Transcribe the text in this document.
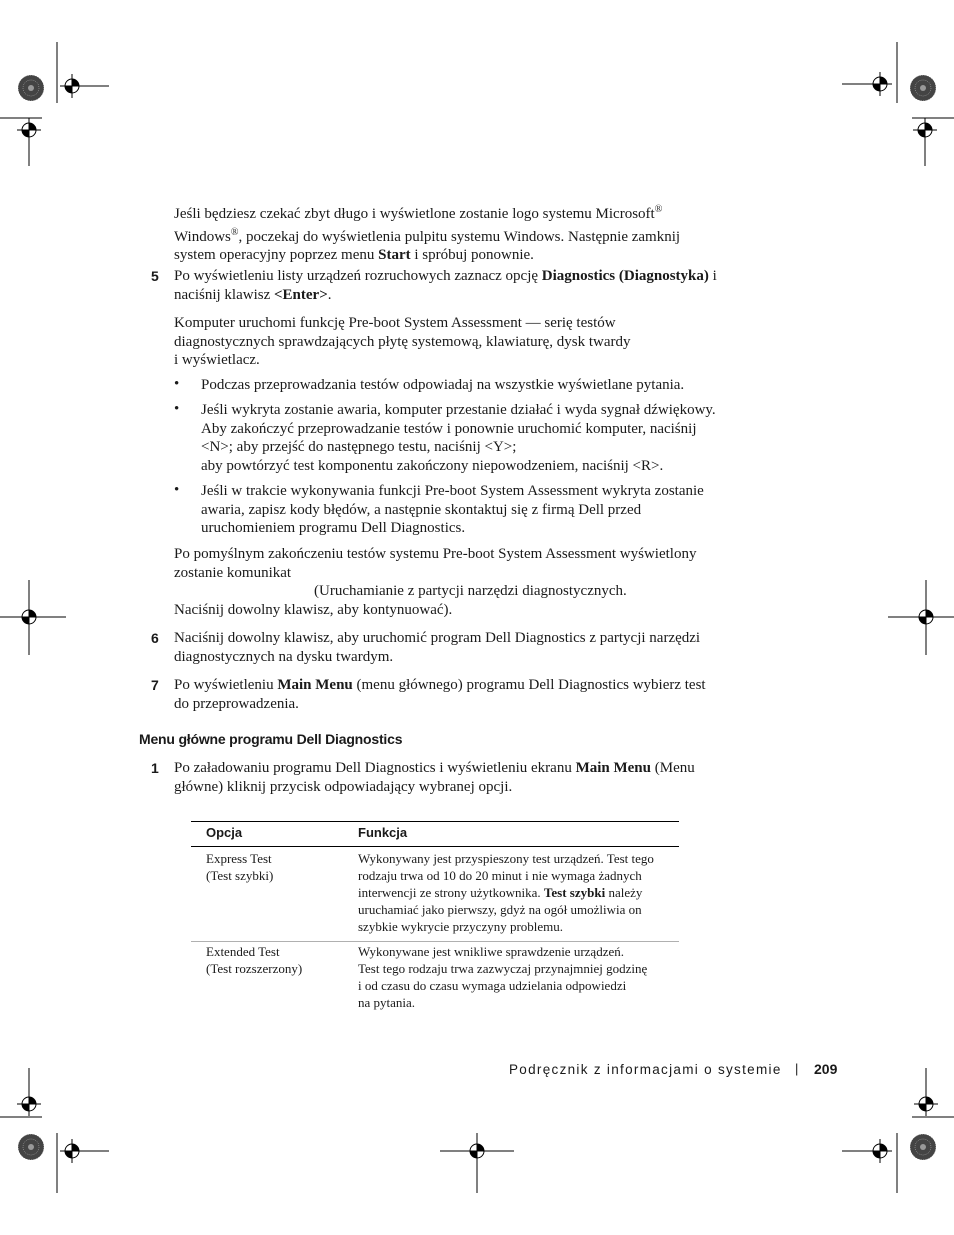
Jeśli będziesz czekać zbyt długo i wyświetlone zostanie logo systemu Microsoft®

Windows®, poczekaj do wyświetlenia pulpitu systemu Windows. Następnie zamknij

system operacyjny poprzez menu Start i spróbuj ponownie.

5 Po wyświetleniu listy urządzeń rozruchowych zaznacz opcję Diagnostics (Diagnostyka) i

naciśnij klawisz <Enter>.

Komputer uruchomi funkcję Pre-boot System Assessment — serię testów

diagnostycznych sprawdzających płytę systemową, klawiaturę, dysk twardy

i wyświetlacz.

• Podczas przeprowadzania testów odpowiadaj na wszystkie wyświetlane pytania.

• Jeśli wykryta zostanie awaria, komputer przestanie działać i wyda sygnał dźwiękowy.

Aby zakończyć przeprowadzanie testów i ponownie uruchomić komputer, naciśnij

<N>; aby przejść do następnego testu, naciśnij <Y>;

aby powtórzyć test komponentu zakończony niepowodzeniem, naciśnij <R>.

• Jeśli w trakcie wykonywania funkcji Pre-boot System Assessment wykryta zostanie

awaria, zapisz kody błędów, a następnie skontaktuj się z firmą Dell przed

uruchomieniem programu Dell Diagnostics.

Po pomyślnym zakończeniu testów systemu Pre-boot System Assessment wyświetlony

zostanie komunikat

(Uruchamianie z partycji narzędzi diagnostycznych.

Naciśnij dowolny klawisz, aby kontynuować).

6 Naciśnij dowolny klawisz, aby uruchomić program Dell Diagnostics z partycji narzędzi

diagnostycznych na dysku twardym.

7 Po wyświetleniu Main Menu (menu głównego) programu Dell Diagnostics wybierz test

do przeprowadzenia.

Menu główne programu Dell Diagnostics
1 Po załadowaniu programu Dell Diagnostics i wyświetleniu ekranu Main Menu (Menu

główne) kliknij przycisk odpowiadający wybranej opcji.

Opcja	Funkcja

Express Test

(Test szybki)

Wykonywany jest przyspieszony test urządzeń. Test tego

rodzaju trwa od 10 do 20 minut i nie wymaga żadnych

interwencji ze strony użytkownika. Test szybki należy

uruchamiać jako pierwszy, gdyż na ogół umożliwia on

szybkie wykrycie przyczyny problemu.

Extended Test

(Test rozszerzony)

Wykonywane jest wnikliwe sprawdzenie urządzeń.

Test tego rodzaju trwa zazwyczaj przynajmniej godzinę

i od czasu do czasu wymaga udzielania odpowiedzi

na pytania.

Podręcznik z informacjami o systemie | 209
